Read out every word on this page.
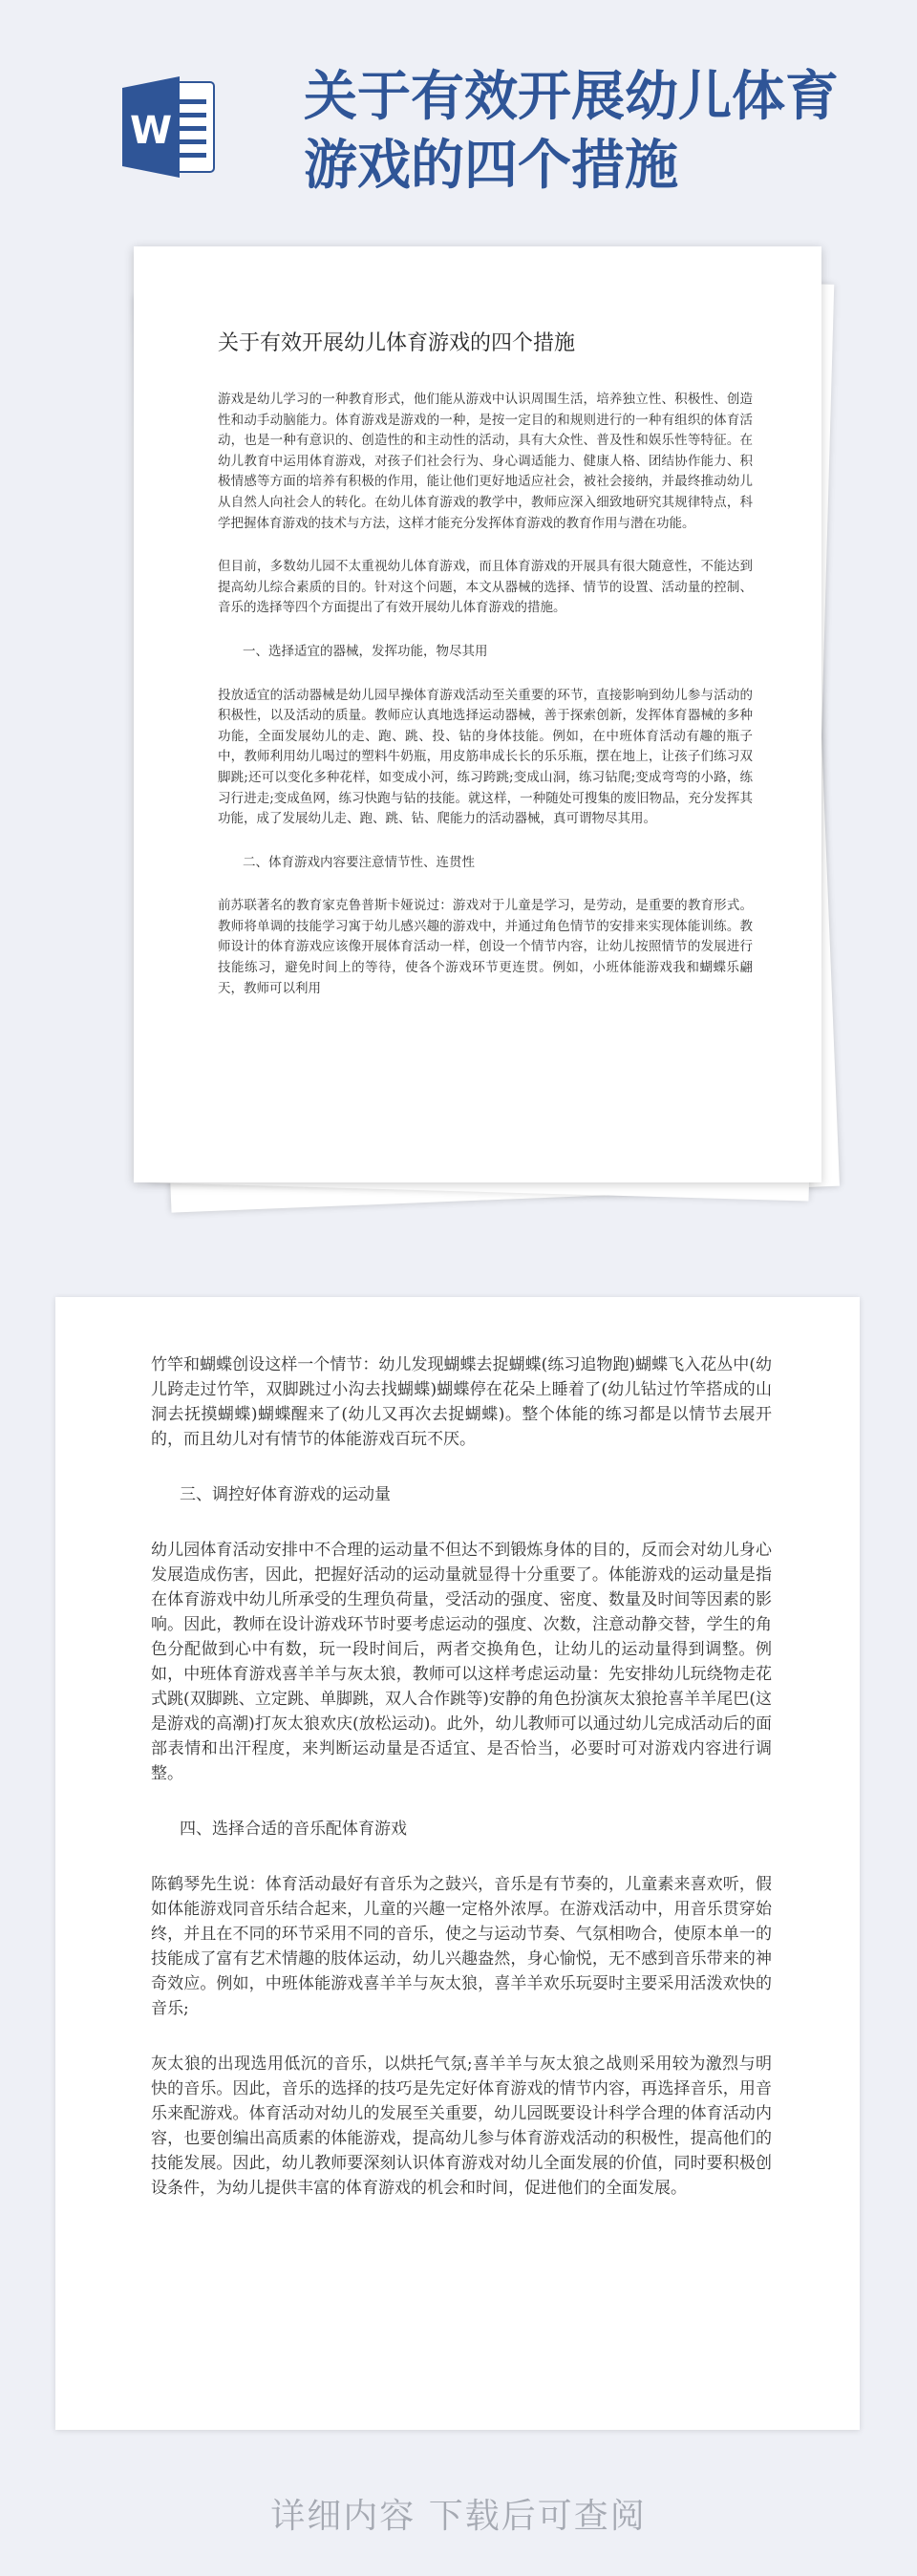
W
关于有效开展幼儿体育游戏的四个措施
关于有效开展幼儿体育游戏的四个措施

游戏是幼儿学习的一种教育形式，他们能从游戏中认识周围生活，培养独立性、积极性、创造性和动手动脑能力。体育游戏是游戏的一种，是按一定目的和规则进行的一种有组织的体育活动，也是一种有意识的、创造性的和主动性的活动，具有大众性、普及性和娱乐性等特征。在幼儿教育中运用体育游戏，对孩子们社会行为、身心调适能力、健康人格、团结协作能力、积极情感等方面的培养有积极的作用，能让他们更好地适应社会，被社会接纳，并最终推动幼儿从自然人向社会人的转化。在幼儿体育游戏的教学中，教师应深入细致地研究其规律特点，科学把握体育游戏的技术与方法，这样才能充分发挥体育游戏的教育作用与潜在功能。

但目前，多数幼儿园不太重视幼儿体育游戏，而且体育游戏的开展具有很大随意性，不能达到提高幼儿综合素质的目的。针对这个问题，本文从器械的选择、情节的设置、活动量的控制、音乐的选择等四个方面提出了有效开展幼儿体育游戏的措施。

一、选择适宜的器械，发挥功能，物尽其用

投放适宜的活动器械是幼儿园早操体育游戏活动至关重要的环节，直接影响到幼儿参与活动的积极性，以及活动的质量。教师应认真地选择运动器械，善于探索创新，发挥体育器械的多种功能，全面发展幼儿的走、跑、跳、投、钻的身体技能。例如，在中班体育活动有趣的瓶子中，教师利用幼儿喝过的塑料牛奶瓶，用皮筋串成长长的乐乐瓶，摆在地上，让孩子们练习双脚跳;还可以变化多种花样，如变成小河，练习跨跳;变成山洞，练习钻爬;变成弯弯的小路，练习行进走;变成鱼网，练习快跑与钻的技能。就这样，一种随处可搜集的废旧物品，充分发挥其功能，成了发展幼儿走、跑、跳、钻、爬能力的活动器械，真可谓物尽其用。

二、体育游戏内容要注意情节性、连贯性

前苏联著名的教育家克鲁普斯卡娅说过：游戏对于儿童是学习，是劳动，是重要的教育形式。教师将单调的技能学习寓于幼儿感兴趣的游戏中，并通过角色情节的安排来实现体能训练。教师设计的体育游戏应该像开展体育活动一样，创设一个情节内容，让幼儿按照情节的发展进行技能练习，避免时间上的等待，使各个游戏环节更连贯。例如，小班体能游戏我和蝴蝶乐翩天，教师可以利用

竹竿和蝴蝶创设这样一个情节：幼儿发现蝴蝶去捉蝴蝶(练习追物跑)蝴蝶飞入花丛中(幼儿跨走过竹竿，双脚跳过小沟去找蝴蝶)蝴蝶停在花朵上睡着了(幼儿钻过竹竿搭成的山洞去抚摸蝴蝶)蝴蝶醒来了(幼儿又再次去捉蝴蝶)。整个体能的练习都是以情节去展开的，而且幼儿对有情节的体能游戏百玩不厌。

三、调控好体育游戏的运动量

幼儿园体育活动安排中不合理的运动量不但达不到锻炼身体的目的，反而会对幼儿身心发展造成伤害，因此，把握好活动的运动量就显得十分重要了。体能游戏的运动量是指在体育游戏中幼儿所承受的生理负荷量，受活动的强度、密度、数量及时间等因素的影响。因此，教师在设计游戏环节时要考虑运动的强度、次数，注意动静交替，学生的角色分配做到心中有数，玩一段时间后，两者交换角色，让幼儿的运动量得到调整。例如，中班体育游戏喜羊羊与灰太狼，教师可以这样考虑运动量：先安排幼儿玩绕物走花式跳(双脚跳、立定跳、单脚跳，双人合作跳等)安静的角色扮演灰太狼抢喜羊羊尾巴(这是游戏的高潮)打灰太狼欢庆(放松运动)。此外，幼儿教师可以通过幼儿完成活动后的面部表情和出汗程度，来判断运动量是否适宜、是否恰当，必要时可对游戏内容进行调整。

四、选择合适的音乐配体育游戏

陈鹤琴先生说：体育活动最好有音乐为之鼓兴，音乐是有节奏的，儿童素来喜欢听，假如体能游戏同音乐结合起来，儿童的兴趣一定格外浓厚。在游戏活动中，用音乐贯穿始终，并且在不同的环节采用不同的音乐，使之与运动节奏、气氛相吻合，使原本单一的技能成了富有艺术情趣的肢体运动，幼儿兴趣盎然，身心愉悦，无不感到音乐带来的神奇效应。例如，中班体能游戏喜羊羊与灰太狼，喜羊羊欢乐玩耍时主要采用活泼欢快的音乐;

灰太狼的出现选用低沉的音乐，以烘托气氛;喜羊羊与灰太狼之战则采用较为激烈与明快的音乐。因此，音乐的选择的技巧是先定好体育游戏的情节内容，再选择音乐，用音乐来配游戏。体育活动对幼儿的发展至关重要，幼儿园既要设计科学合理的体育活动内容，也要创编出高质素的体能游戏，提高幼儿参与体育游戏活动的积极性，提高他们的技能发展。因此，幼儿教师要深刻认识体育游戏对幼儿全面发展的价值，同时要积极创设条件，为幼儿提供丰富的体育游戏的机会和时间，促进他们的全面发展。

详细内容 下载后可查阅
